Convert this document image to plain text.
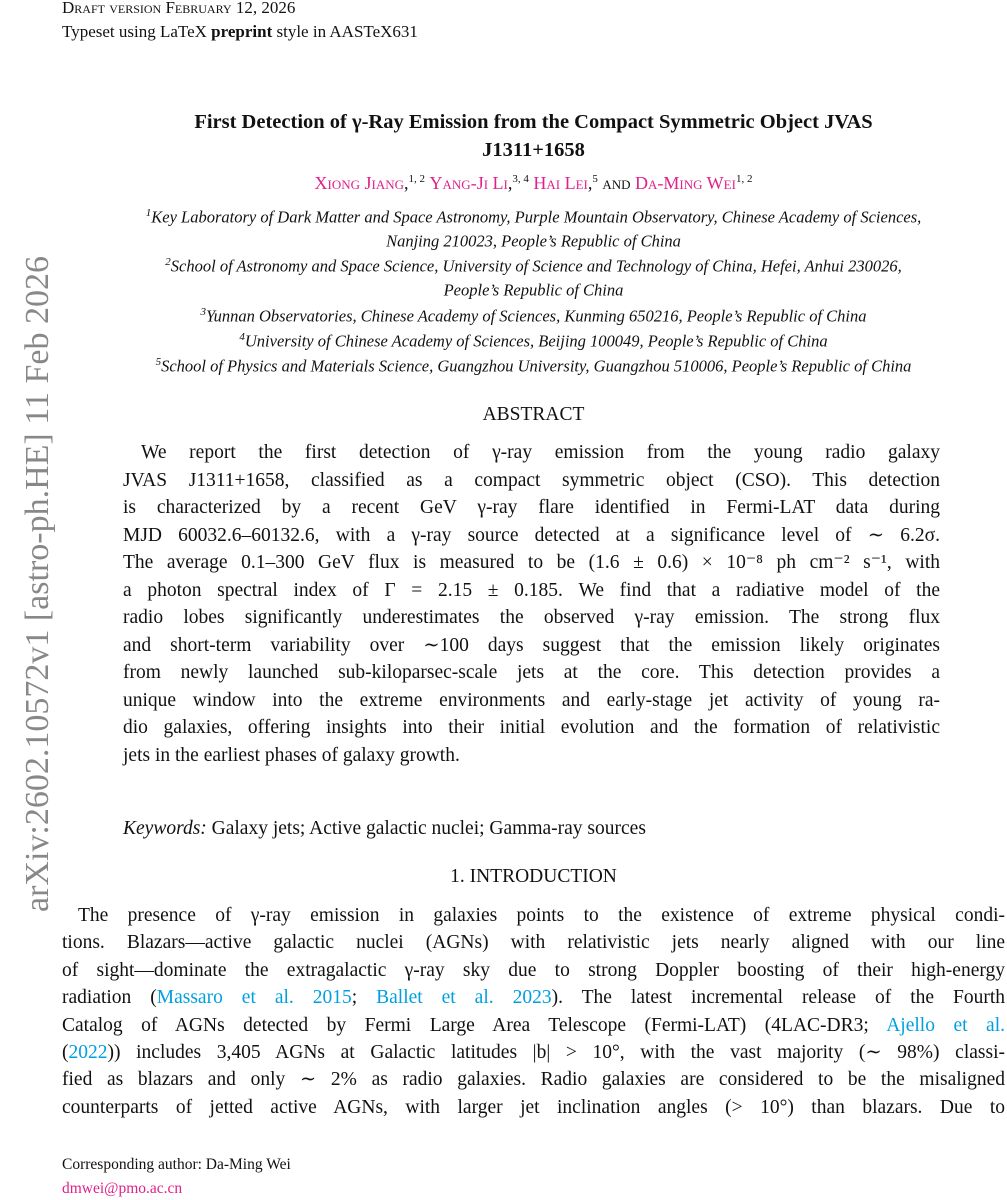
arXiv:2602.10572v1 [astro-ph.HE] 11 Feb 2026
Draft version February 12, 2026
Typeset using LaTeX preprint style in AASTeX631
First Detection of γ-Ray Emission from the Compact Symmetric Object JVAS
J1311+1658
Xiong Jiang,$^{1, 2}$ Yang-Ji Li,$^{3, 4}$ Hai Lei,$^5$ and Da-Ming Wei$^{1, 2}$
$^1$Key Laboratory of Dark Matter and Space Astronomy, Purple Mountain Observatory, Chinese Academy of Sciences,
Nanjing 210023, People’s Republic of China
$^2$School of Astronomy and Space Science, University of Science and Technology of China, Hefei, Anhui 230026,
People’s Republic of China
$^3$Yunnan Observatories, Chinese Academy of Sciences, Kunming 650216, People’s Republic of China
$^4$University of Chinese Academy of Sciences, Beijing 100049, People’s Republic of China
$^5$School of Physics and Materials Science, Guangzhou University, Guangzhou 510006, People’s Republic of China
ABSTRACT
We report the first detection of γ-ray emission from the young radio galaxy
JVAS J1311+1658, classified as a compact symmetric object (CSO). This detection
is characterized by a recent GeV γ-ray flare identified in Fermi-LAT data during
MJD 60032.6–60132.6, with a γ-ray source detected at a significance level of ∼ 6.2σ.
The average 0.1–300 GeV flux is measured to be (1.6 ± 0.6) × 10⁻⁸ ph cm⁻² s⁻¹, with
a photon spectral index of Γ = 2.15 ± 0.185. We find that a radiative model of the
radio lobes significantly underestimates the observed γ-ray emission. The strong flux
and short-term variability over ∼100 days suggest that the emission likely originates
from newly launched sub-kiloparsec-scale jets at the core. This detection provides a
unique window into the extreme environments and early-stage jet activity of young ra-
dio galaxies, offering insights into their initial evolution and the formation of relativistic
jets in the earliest phases of galaxy growth.
Keywords: Galaxy jets; Active galactic nuclei; Gamma-ray sources
1. INTRODUCTION
The presence of γ-ray emission in galaxies points to the existence of extreme physical condi-
tions. Blazars—active galactic nuclei (AGNs) with relativistic jets nearly aligned with our line
of sight—dominate the extragalactic γ-ray sky due to strong Doppler boosting of their high-energy
radiation (Massaro et al. 2015; Ballet et al. 2023). The latest incremental release of the Fourth
Catalog of AGNs detected by Fermi Large Area Telescope (Fermi-LAT) (4LAC-DR3; Ajello et al.
(2022)) includes 3,405 AGNs at Galactic latitudes |b| > 10°, with the vast majority (∼ 98%) classi-
fied as blazars and only ∼ 2% as radio galaxies. Radio galaxies are considered to be the misaligned
counterparts of jetted active AGNs, with larger jet inclination angles (> 10°) than blazars. Due to
Corresponding author: Da-Ming Wei
dmwei@pmo.ac.cn
